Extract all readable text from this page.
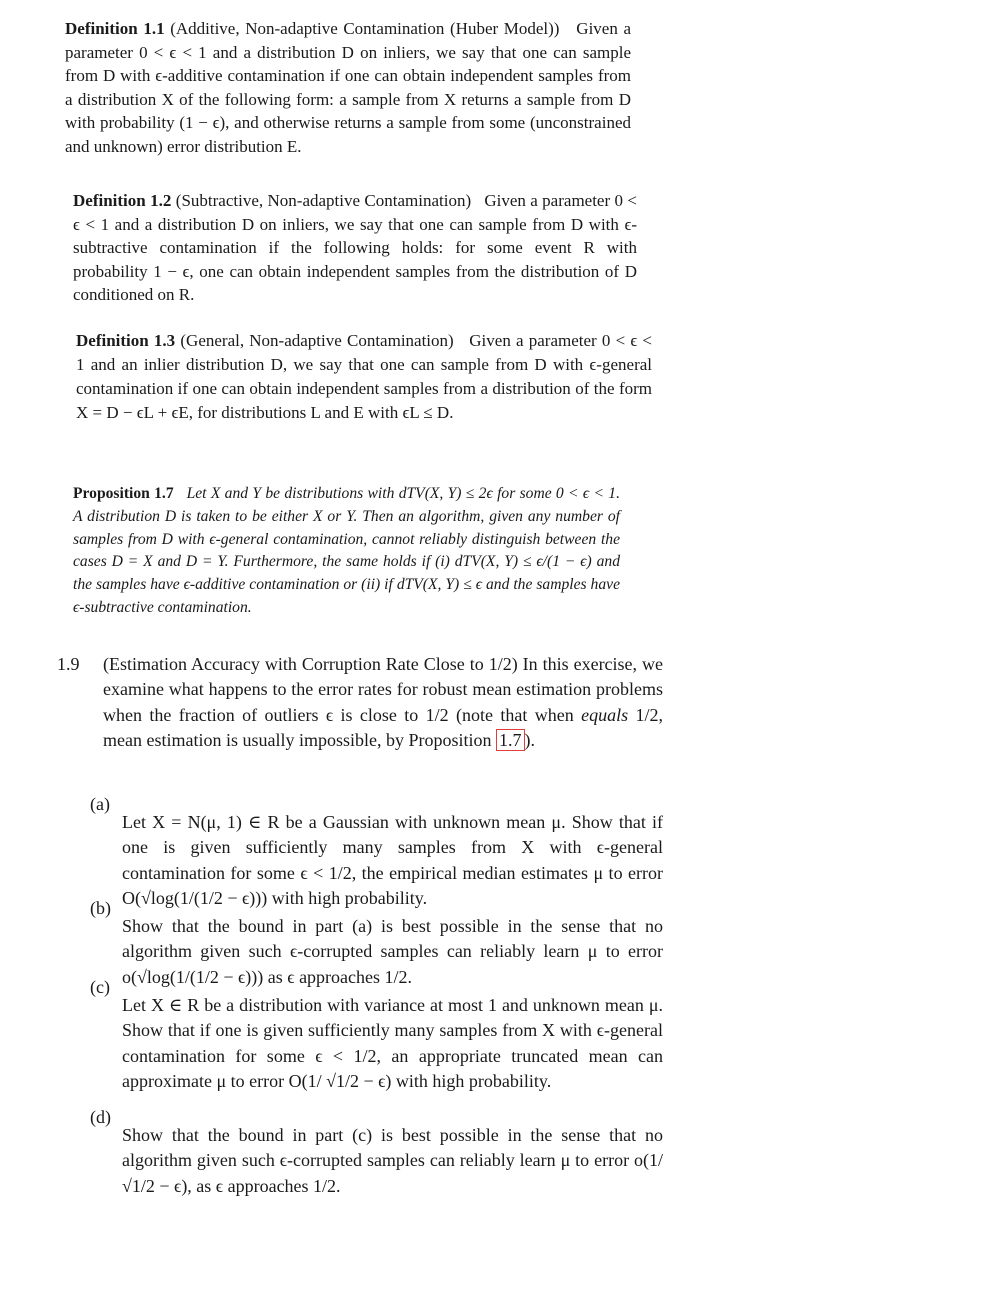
Definition 1.1 (Additive, Non-adaptive Contamination (Huber Model)) Given a parameter 0 < ϵ < 1 and a distribution D on inliers, we say that one can sample from D with ϵ-additive contamination if one can obtain independent samples from a distribution X of the following form: a sample from X returns a sample from D with probability (1 − ϵ), and otherwise returns a sample from some (unconstrained and unknown) error distribution E.

Definition 1.2 (Subtractive, Non-adaptive Contamination) Given a parameter 0 < ϵ < 1 and a distribution D on inliers, we say that one can sample from D with ϵ-subtractive contamination if the following holds: for some event R with probability 1 − ϵ, one can obtain independent samples from the distribution of D conditioned on R.

Definition 1.3 (General, Non-adaptive Contamination) Given a parameter 0 < ϵ < 1 and an inlier distribution D, we say that one can sample from D with ϵ-general contamination if one can obtain independent samples from a distribution of the form X = D − ϵL + ϵE, for distributions L and E with ϵL ≤ D.

Proposition 1.7 Let X and Y be distributions with dTV(X, Y) ≤ 2ϵ for some 0 < ϵ < 1. A distribution D is taken to be either X or Y. Then an algorithm, given any number of samples from D with ϵ-general contamination, cannot reliably distinguish between the cases D = X and D = Y. Furthermore, the same holds if (i) dTV(X, Y) ≤ ϵ/(1 − ϵ) and the samples have ϵ-additive contamination or (ii) if dTV(X, Y) ≤ ϵ and the samples have ϵ-subtractive contamination.

1.9 (Estimation Accuracy with Corruption Rate Close to 1/2) In this exercise, we examine what happens to the error rates for robust mean estimation problems when the fraction of outliers ϵ is close to 1/2 (note that when equals 1/2, mean estimation is usually impossible, by Proposition 1.7 ).

(a)

Let X = N(μ, 1) ∈ R be a Gaussian with unknown mean μ. Show that if one is given sufficiently many samples from X with ϵ-general contamination for some ϵ < 1/2, the empirical median estimates μ to error O(√log(1/(1/2 − ϵ))) with high probability.

(b)

Show that the bound in part (a) is best possible in the sense that no algorithm given such ϵ-corrupted samples can reliably learn μ to error o(√log(1/(1/2 − ϵ))) as ϵ approaches 1/2.

(c)

Let X ∈ R be a distribution with variance at most 1 and unknown mean μ. Show that if one is given sufficiently many samples from X with ϵ-general contamination for some ϵ < 1/2, an appropriate truncated mean can approximate μ to error O(1/ √1/2 − ϵ) with high probability.

(d)

Show that the bound in part (c) is best possible in the sense that no algorithm given such ϵ-corrupted samples can reliably learn μ to error o(1/ √1/2 − ϵ), as ϵ approaches 1/2.
